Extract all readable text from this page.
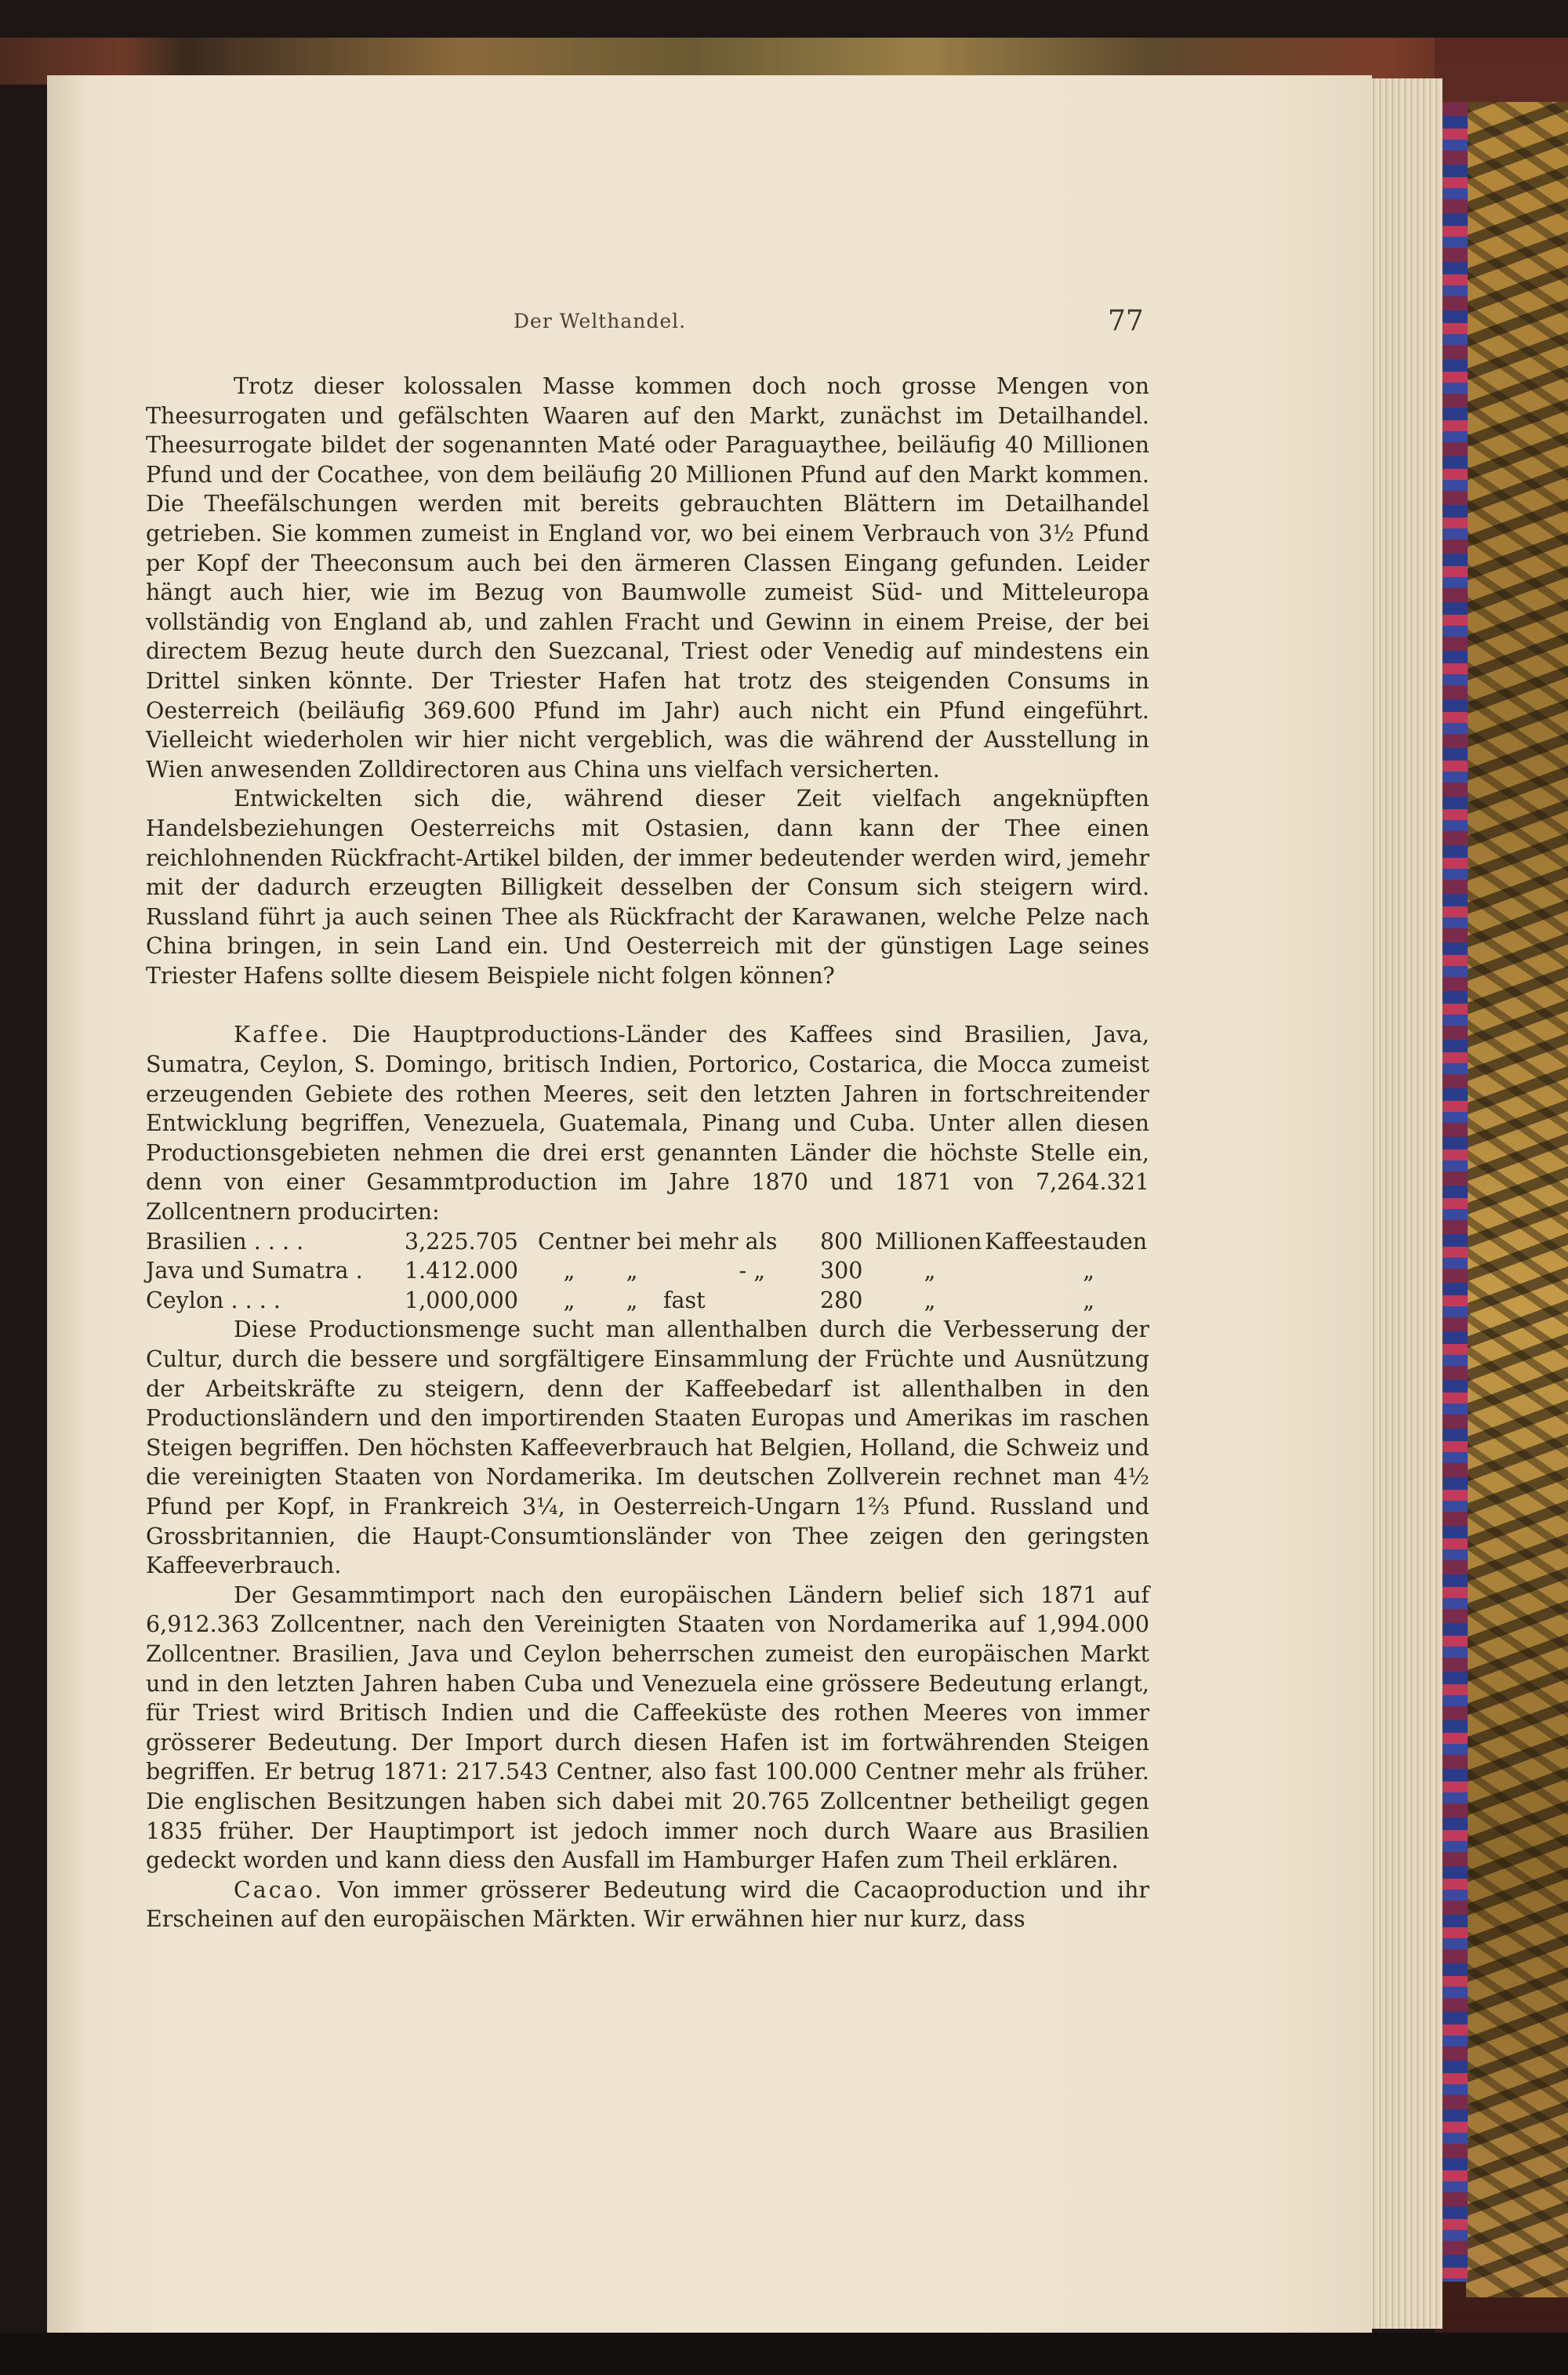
Der Welthandel.	77

Trotz dieser kolossalen Masse kommen doch noch grosse Mengen von Theesurrogaten und gefälschten Waaren auf den Markt, zunächst im Detailhandel. Theesurrogate bildet der sogenannten Maté oder Paraguaythee, beiläufig 40 Millionen Pfund und der Cocathee, von dem beiläufig 20 Millionen Pfund auf den Markt kommen. Die Theefälschungen werden mit bereits gebrauchten Blättern im Detailhandel getrieben. Sie kommen zumeist in England vor, wo bei einem Verbrauch von 3½ Pfund per Kopf der Theeconsum auch bei den ärmeren Classen Eingang gefunden. Leider hängt auch hier, wie im Bezug von Baumwolle zumeist Süd- und Mitteleuropa vollständig von England ab, und zahlen Fracht und Gewinn in einem Preise, der bei directem Bezug heute durch den Suezcanal, Triest oder Venedig auf mindestens ein Drittel sinken könnte. Der Triester Hafen hat trotz des steigenden Consums in Oesterreich (beiläufig 369.600 Pfund im Jahr) auch nicht ein Pfund eingeführt. Vielleicht wiederholen wir hier nicht vergeblich, was die während der Ausstellung in Wien anwesenden Zolldirectoren aus China uns vielfach versicherten.

Entwickelten sich die, während dieser Zeit vielfach angeknüpften Handelsbeziehungen Oesterreichs mit Ostasien, dann kann der Thee einen reichlohnenden Rückfracht-Artikel bilden, der immer bedeutender werden wird, jemehr mit der dadurch erzeugten Billigkeit desselben der Consum sich steigern wird. Russland führt ja auch seinen Thee als Rückfracht der Karawanen, welche Pelze nach China bringen, in sein Land ein. Und Oesterreich mit der günstigen Lage seines Triester Hafens sollte diesem Beispiele nicht folgen können?

Kaffee. Die Hauptproductions-Länder des Kaffees sind Brasilien, Java, Sumatra, Ceylon, S. Domingo, britisch Indien, Portorico, Costarica, die Mocca zumeist erzeugenden Gebiete des rothen Meeres, seit den letzten Jahren in fortschreitender Entwicklung begriffen, Venezuela, Guatemala, Pinang und Cuba. Unter allen diesen Productionsgebieten nehmen die drei erst genannten Länder die höchste Stelle ein, denn von einer Gesammtproduction im Jahre 1870 und 1871 von 7,264.321 Zollcentnern producirten:

Brasilien . . . .	3,225.705	Centner bei mehr als			800	Millionen	Kaffeestauden
Java und Sumatra .	1.412.000	„ „ - „			300	„	„
Ceylon . . . .	1,000,000	„ „ fast			280	„	„

Diese Productionsmenge sucht man allenthalben durch die Verbesserung der Cultur, durch die bessere und sorgfältigere Einsammlung der Früchte und Ausnützung der Arbeitskräfte zu steigern, denn der Kaffeebedarf ist allenthalben in den Productionsländern und den importirenden Staaten Europas und Amerikas im raschen Steigen begriffen. Den höchsten Kaffeeverbrauch hat Belgien, Holland, die Schweiz und die vereinigten Staaten von Nordamerika. Im deutschen Zollverein rechnet man 4½ Pfund per Kopf, in Frankreich 3¼, in Oesterreich-Ungarn 1⅔ Pfund. Russland und Grossbritannien, die Haupt-Consumtionsländer von Thee zeigen den geringsten Kaffeeverbrauch.

Der Gesammtimport nach den europäischen Ländern belief sich 1871 auf 6,912.363 Zollcentner, nach den Vereinigten Staaten von Nordamerika auf 1,994.000 Zollcentner. Brasilien, Java und Ceylon beherrschen zumeist den europäischen Markt und in den letzten Jahren haben Cuba und Venezuela eine grössere Bedeutung erlangt, für Triest wird Britisch Indien und die Caffeeküste des rothen Meeres von immer grösserer Bedeutung. Der Import durch diesen Hafen ist im fortwährenden Steigen begriffen. Er betrug 1871: 217.543 Centner, also fast 100.000 Centner mehr als früher. Die englischen Besitzungen haben sich dabei mit 20.765 Zollcentner betheiligt gegen 1835 früher. Der Hauptimport ist jedoch immer noch durch Waare aus Brasilien gedeckt worden und kann diess den Ausfall im Hamburger Hafen zum Theil erklären.

Cacao. Von immer grösserer Bedeutung wird die Cacaoproduction und ihr Erscheinen auf den europäischen Märkten. Wir erwähnen hier nur kurz, dass
